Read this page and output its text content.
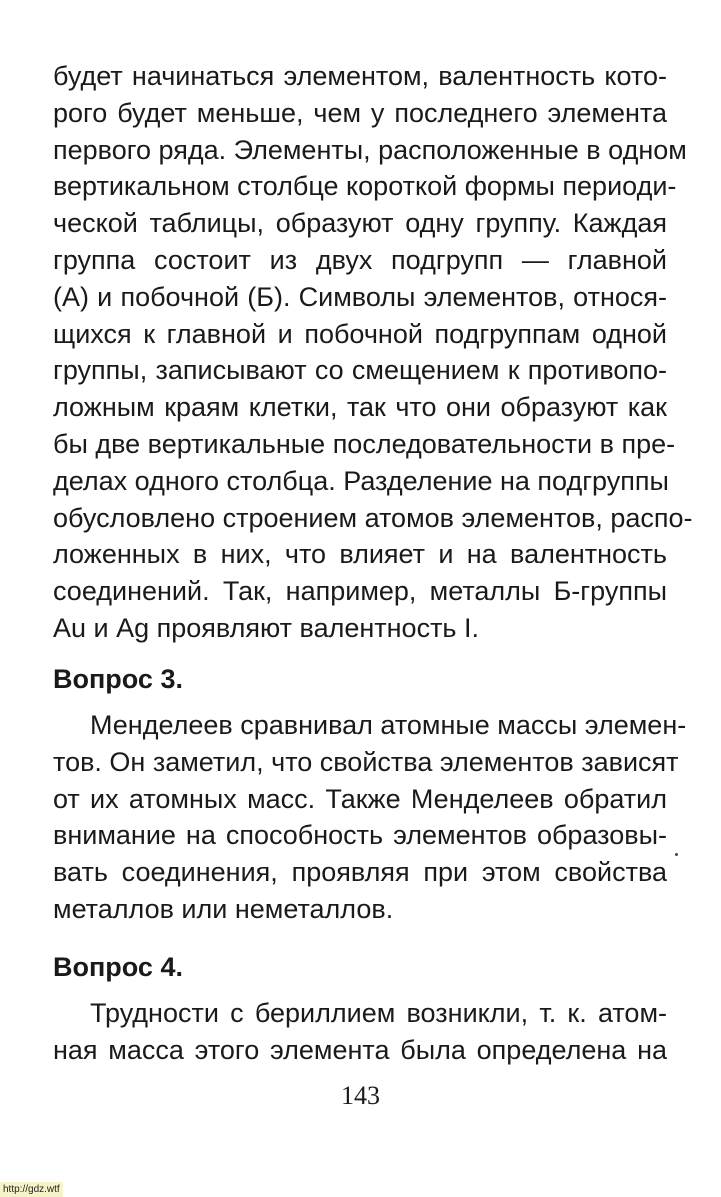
будет начинаться элементом, валентность кото-
рого будет меньше, чем у последнего элемента
первого ряда. Элементы, расположенные в одном
вертикальном столбце короткой формы периоди-
ческой таблицы, образуют одну группу. Каждая
группа состоит из двух подгрупп — главной
(А) и побочной (Б). Символы элементов, относя-
щихся к главной и побочной подгруппам одной
группы, записывают со смещением к противопо-
ложным краям клетки, так что они образуют как
бы две вертикальные последовательности в пре-
делах одного столбца. Разделение на подгруппы
обусловлено строением атомов элементов, распо-
ложенных в них, что влияет и на валентность
соединений. Так, например, металлы Б-группы
Au и Ag проявляют валентность I.
Вопрос 3.
Менделеев сравнивал атомные массы элемен-
тов. Он заметил, что свойства элементов зависят
от их атомных масс. Также Менделеев обратил
внимание на способность элементов образовы-
вать соединения, проявляя при этом свойства
металлов или неметаллов.
Вопрос 4.
Трудности с бериллием возникли, т. к. атом-
ная масса этого элемента была определена на
143
http://gdz.wtf
